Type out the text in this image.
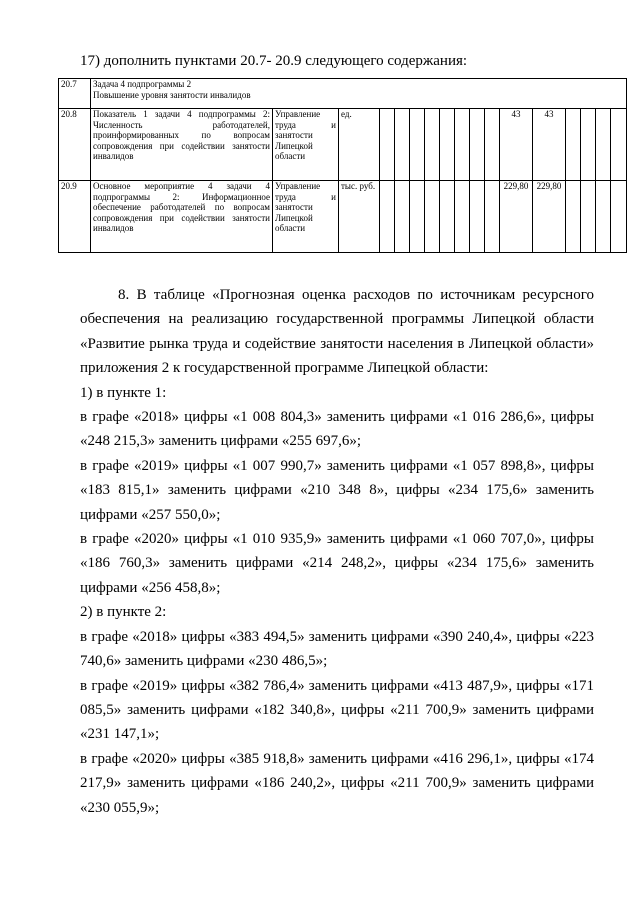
17) дополнить пунктами 20.7- 20.9 следующего содержания:
20.7	Задача 4 подпрограммы 2
Повышение уровня занятости инвалидов																

20.8	Показатель 1 задачи 4 подпрограммы 2: Численность работодателей, проинформированных по вопросам сопровождения при содействии занятости инвалидов	Управление труда и занятости Липецкой области	ед.									43	43				
20.9	Основное мероприятие 4 задачи 4 подпрограммы 2: Информационное обеспечение работодателей по вопросам сопровождения при содействии занятости инвалидов	Управление труда и занятости Липецкой области	тыс. руб.									229,80	229,80				

8. В таблице «Прогнозная оценка расходов по источникам ресурсного обеспечения на реализацию государственной программы Липецкой области «Развитие рынка труда и содействие занятости населения в Липецкой области» приложения 2 к государственной программе Липецкой области:

1) в пункте 1:

в графе «2018» цифры «1 008 804,3» заменить цифрами «1 016 286,6», цифры «248 215,3» заменить цифрами «255 697,6»;

в графе «2019» цифры «1 007 990,7» заменить цифрами «1 057 898,8», цифры «183 815,1» заменить цифрами «210 348 8», цифры «234 175,6» заменить цифрами «257 550,0»;

в графе «2020» цифры «1 010 935,9» заменить цифрами «1 060 707,0», цифры «186 760,3» заменить цифрами «214 248,2», цифры «234 175,6» заменить цифрами «256 458,8»;

2) в пункте 2:

в графе «2018» цифры «383 494,5» заменить цифрами «390 240,4», цифры «223 740,6» заменить цифрами «230 486,5»;

в графе «2019» цифры «382 786,4» заменить цифрами «413 487,9», цифры «171 085,5» заменить цифрами «182 340,8», цифры «211 700,9» заменить цифрами «231 147,1»;

в графе «2020» цифры «385 918,8» заменить цифрами «416 296,1», цифры «174 217,9» заменить цифрами «186 240,2», цифры «211 700,9» заменить цифрами «230 055,9»;
